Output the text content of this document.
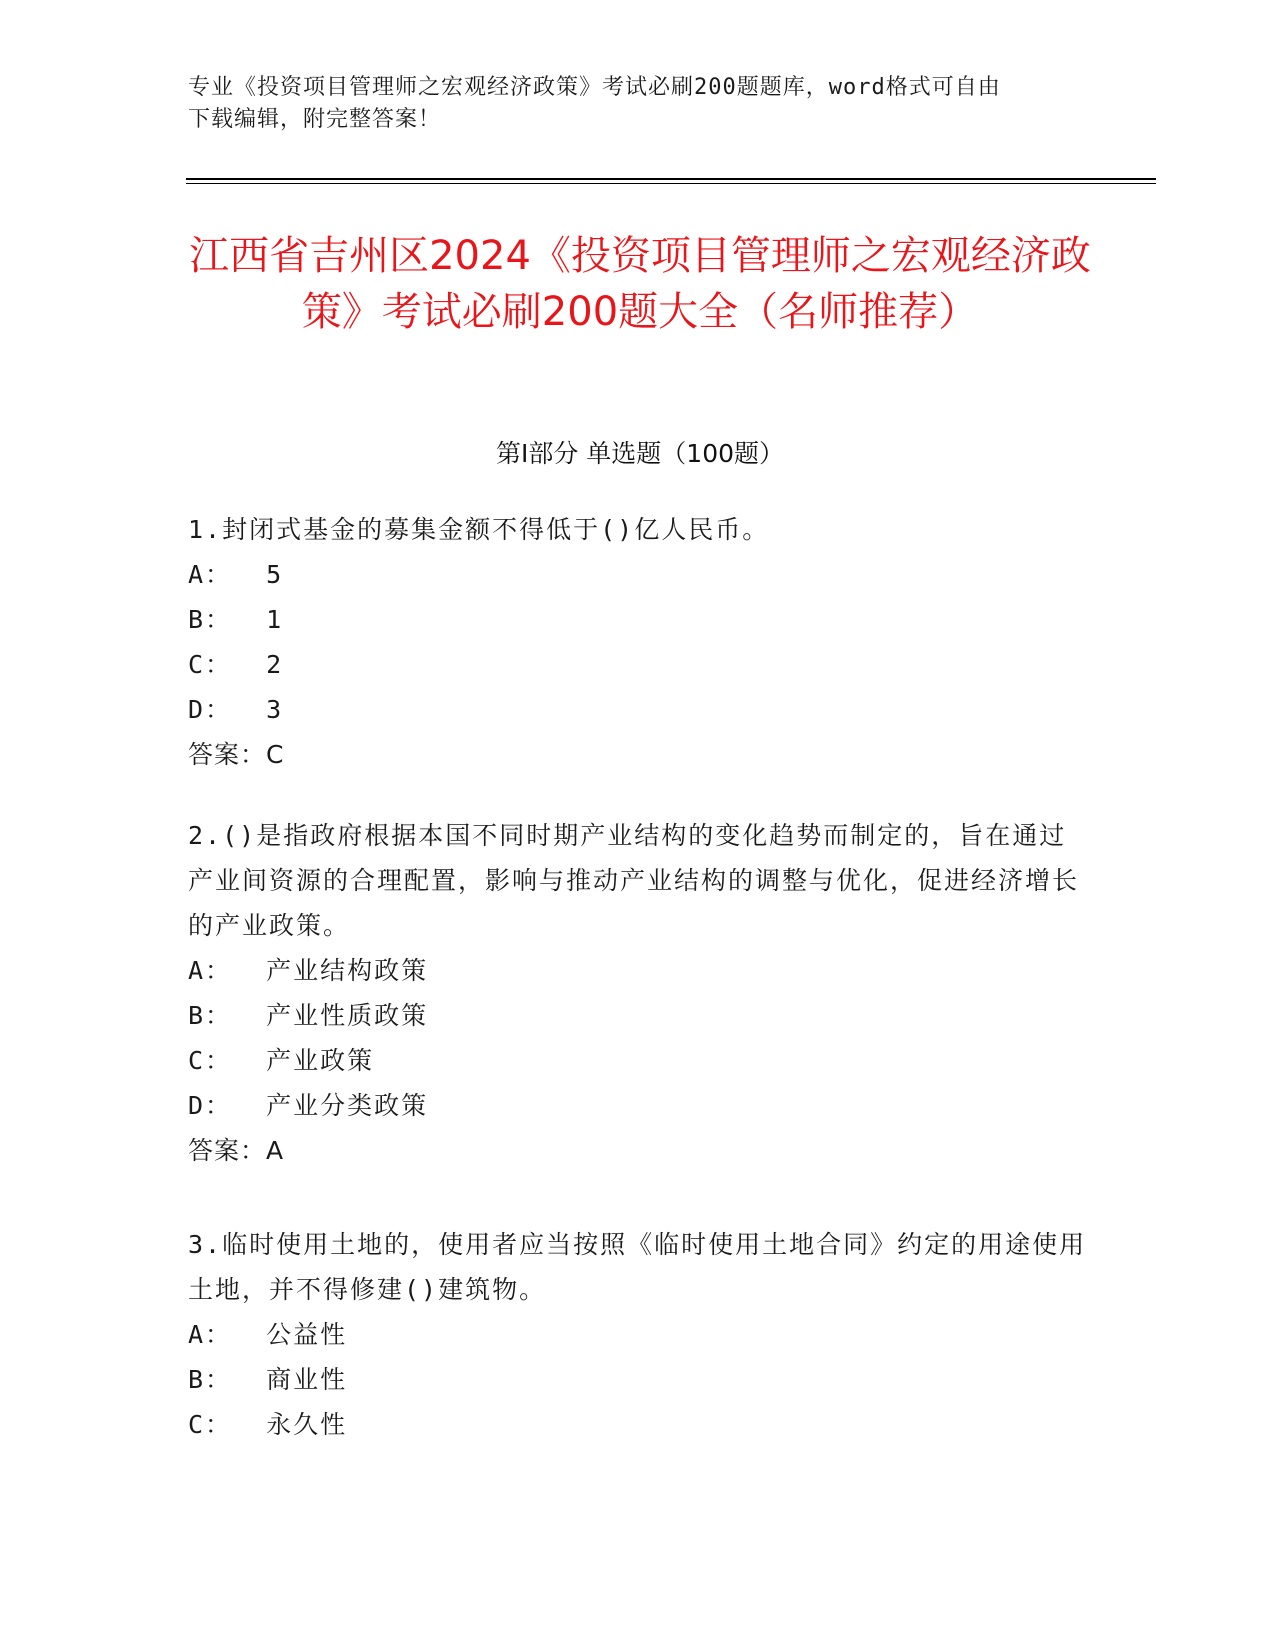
专业《投资项目管理师之宏观经济政策》考试必刷200题题库，word格式可自由
下载编辑，附完整答案！
江西省吉州区2024《投资项目管理师之宏观经济政策》考试必刷200题大全（名师推荐）
第Ⅰ部分 单选题（100题）

1.封闭式基金的募集金额不得低于()亿人民币。

A：  5

B：  1

C：  2

D：  3

答案：C

2.()是指政府根据本国不同时期产业结构的变化趋势而制定的，旨在通过产业间资源的合理配置，影响与推动产业结构的调整与优化，促进经济增长的产业政策。

A：  产业结构政策

B：  产业性质政策

C：  产业政策

D：  产业分类政策

答案：A

3.临时使用土地的，使用者应当按照《临时使用土地合同》约定的用途使用土地，并不得修建()建筑物。

A：  公益性

B：  商业性

C：  永久性
